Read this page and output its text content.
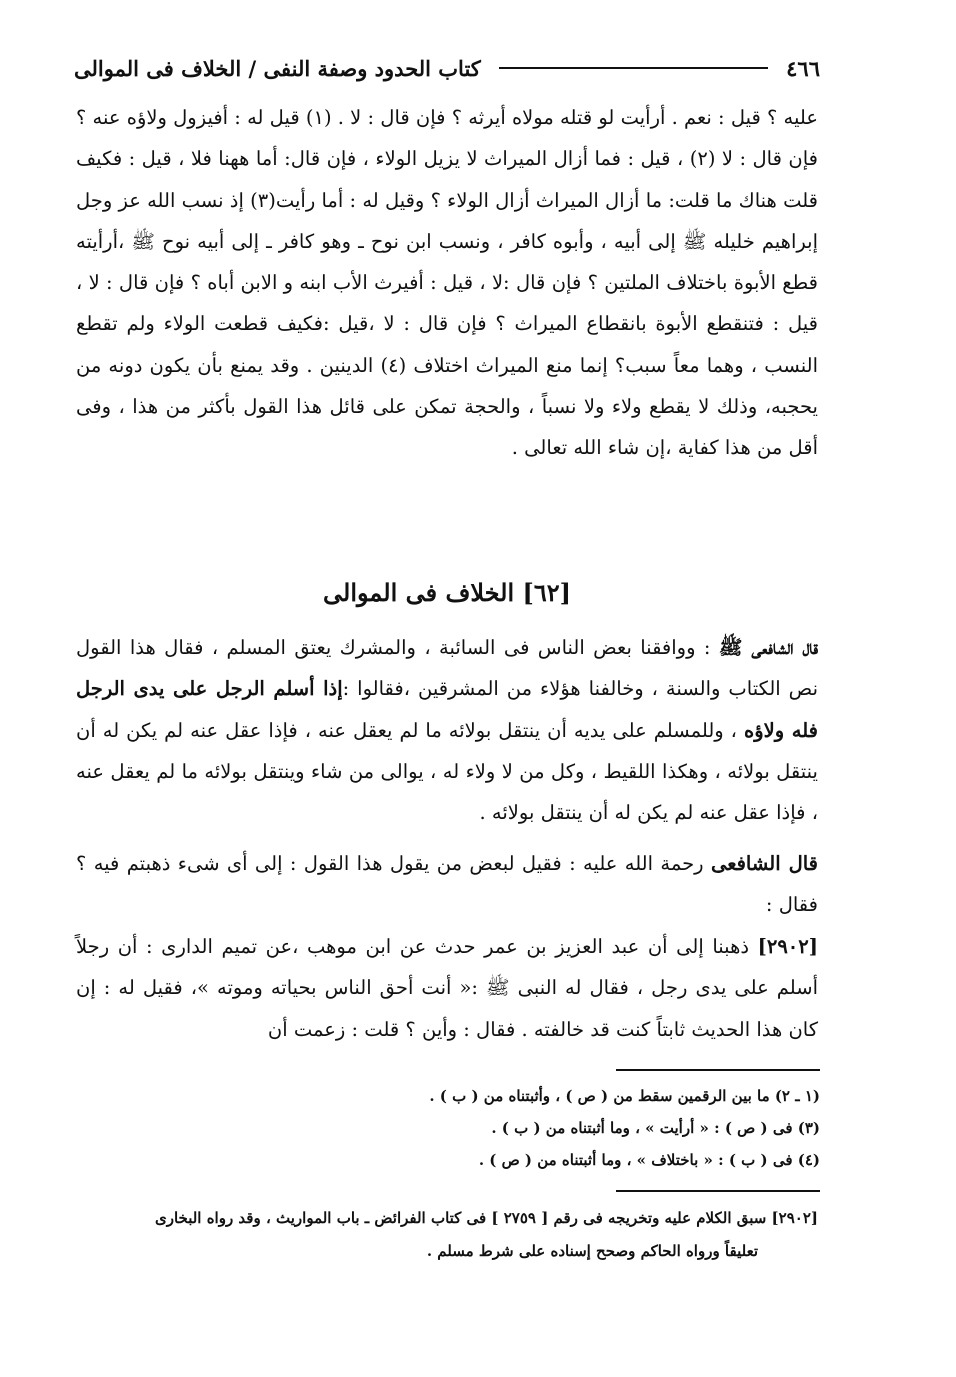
٤٦٦
كتاب الحدود وصفة النفى / الخلاف فى الموالى
عليه ؟ قيل : نعم . أرأيت لو قتله مولاه أيرثه ؟ فإن قال : لا . (١) قيل له : أفيزول ولاؤه عنه ؟ فإن قال : لا (٢) ، قيل : فما أزال الميراث لا يزيل الولاء ، فإن قال: أما ههنا فلا ، قيل : فكيف قلت هناك ما قلت: ما أزال الميراث أزال الولاء ؟ وقيل له : أما رأيت(٣) إذ نسب الله عز وجل إبراهيم خليله ﷺ إلى أبيه ، وأبوه كافر ، ونسب ابن نوح ـ وهو كافر ـ إلى أبيه نوح ﷺ ،أرأيته قطع الأبوة باختلاف الملتين ؟ فإن قال :لا ، قيل : أفيرث الأب ابنه و الابن أباه ؟ فإن قال : لا ، قيل : فتنقطع الأبوة بانقطاع الميراث ؟ فإن قال : لا ،قيل :فكيف قطعت الولاء ولم تقطع النسب ، وهما معاً سبب؟ إنما منع الميراث اختلاف (٤) الدينين . وقد يمنع بأن يكون دونه من يحجبه، وذلك لا يقطع ولاء ولا نسباً ، والحجة تمكن على قائل هذا القول بأكثر من هذا ، وفى أقل من هذا كفاية ،إن شاء الله تعالى .
[٦٢] الخلاف فى الموالى
قال الشافعى ﷺ : ووافقنا بعض الناس فى السائبة ، والمشرك يعتق المسلم ، فقال هذا القول نص الكتاب والسنة ، وخالفنا هؤلاء من المشرقين ،فقالوا :إذا أسلم الرجل على يدى الرجل فله ولاؤه ، وللمسلم على يديه أن ينتقل بولائه ما لم يعقل عنه ، فإذا عقل عنه لم يكن له أن ينتقل بولائه ، وهكذا اللقيط ، وكل من لا ولاء له ، يوالى من شاء وينتقل بولائه ما لم يعقل عنه ، فإذا عقل عنه لم يكن له أن ينتقل بولائه .
قال الشافعى رحمة الله عليه : فقيل لبعض من يقول هذا القول : إلى أى شىء ذهبتم فيه ؟ فقال :
[٢٩٠٢] ذهبنا إلى أن عبد العزيز بن عمر حدث عن ابن موهب ،عن تميم الدارى : أن رجلاً أسلم على يدى رجل ، فقال له النبى ﷺ :« أنت أحق الناس بحياته وموته »، فقيل له : إن كان هذا الحديث ثابتاً كنت قد خالفته . فقال : وأين ؟ قلت : زعمت أن
(١ ـ ٢) ما بين الرقمين سقط من ( ص ) ، وأثبتناه من ( ب ) .
(٣) فى ( ص ) : « أرأيت » ، وما أثبتناه من ( ب ) .
(٤) فى ( ب ) : « باختلاف » ، وما أثبتناه من ( ص ) .
[٢٩٠٢] سبق الكلام عليه وتخريجه فى رقم [ ٢٧٥٩ ] فى كتاب الفرائض ـ باب المواريث ، وقد رواه البخارى
تعليقاً ورواه الحاكم وصحح إسناده على شرط مسلم .
